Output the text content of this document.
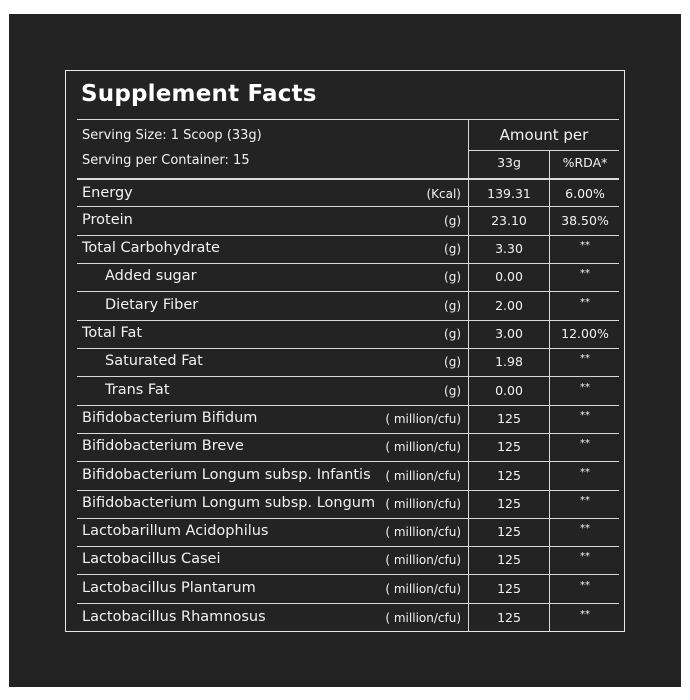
Supplement Facts
Serving Size: 1 Scoop (33g)
Serving per Container: 15
Amount per
33g	%RDA*
Energy	(Kcal)	139.31	6.00%
Protein	(g)	23.10	38.50%
Total Carbohydrate	(g)	3.30	**
Added sugar	(g)	0.00	**
Dietary Fiber	(g)	2.00	**
Total Fat	(g)	3.00	12.00%
Saturated Fat	(g)	1.98	**
Trans Fat	(g)	0.00	**
Bifidobacterium Bifidum	( million/cfu)	125	**
Bifidobacterium Breve	( million/cfu)	125	**
Bifidobacterium Longum subsp. Infantis	( million/cfu)	125	**
Bifidobacterium Longum subsp. Longum ( million/cfu)	125	**
Lactobarillum Acidophilus	( million/cfu)	125	**
Lactobacillus Casei	( million/cfu)	125	**
Lactobacillus Plantarum	( million/cfu)	125	**
Lactobacillus Rhamnosus	( million/cfu)	125	**
